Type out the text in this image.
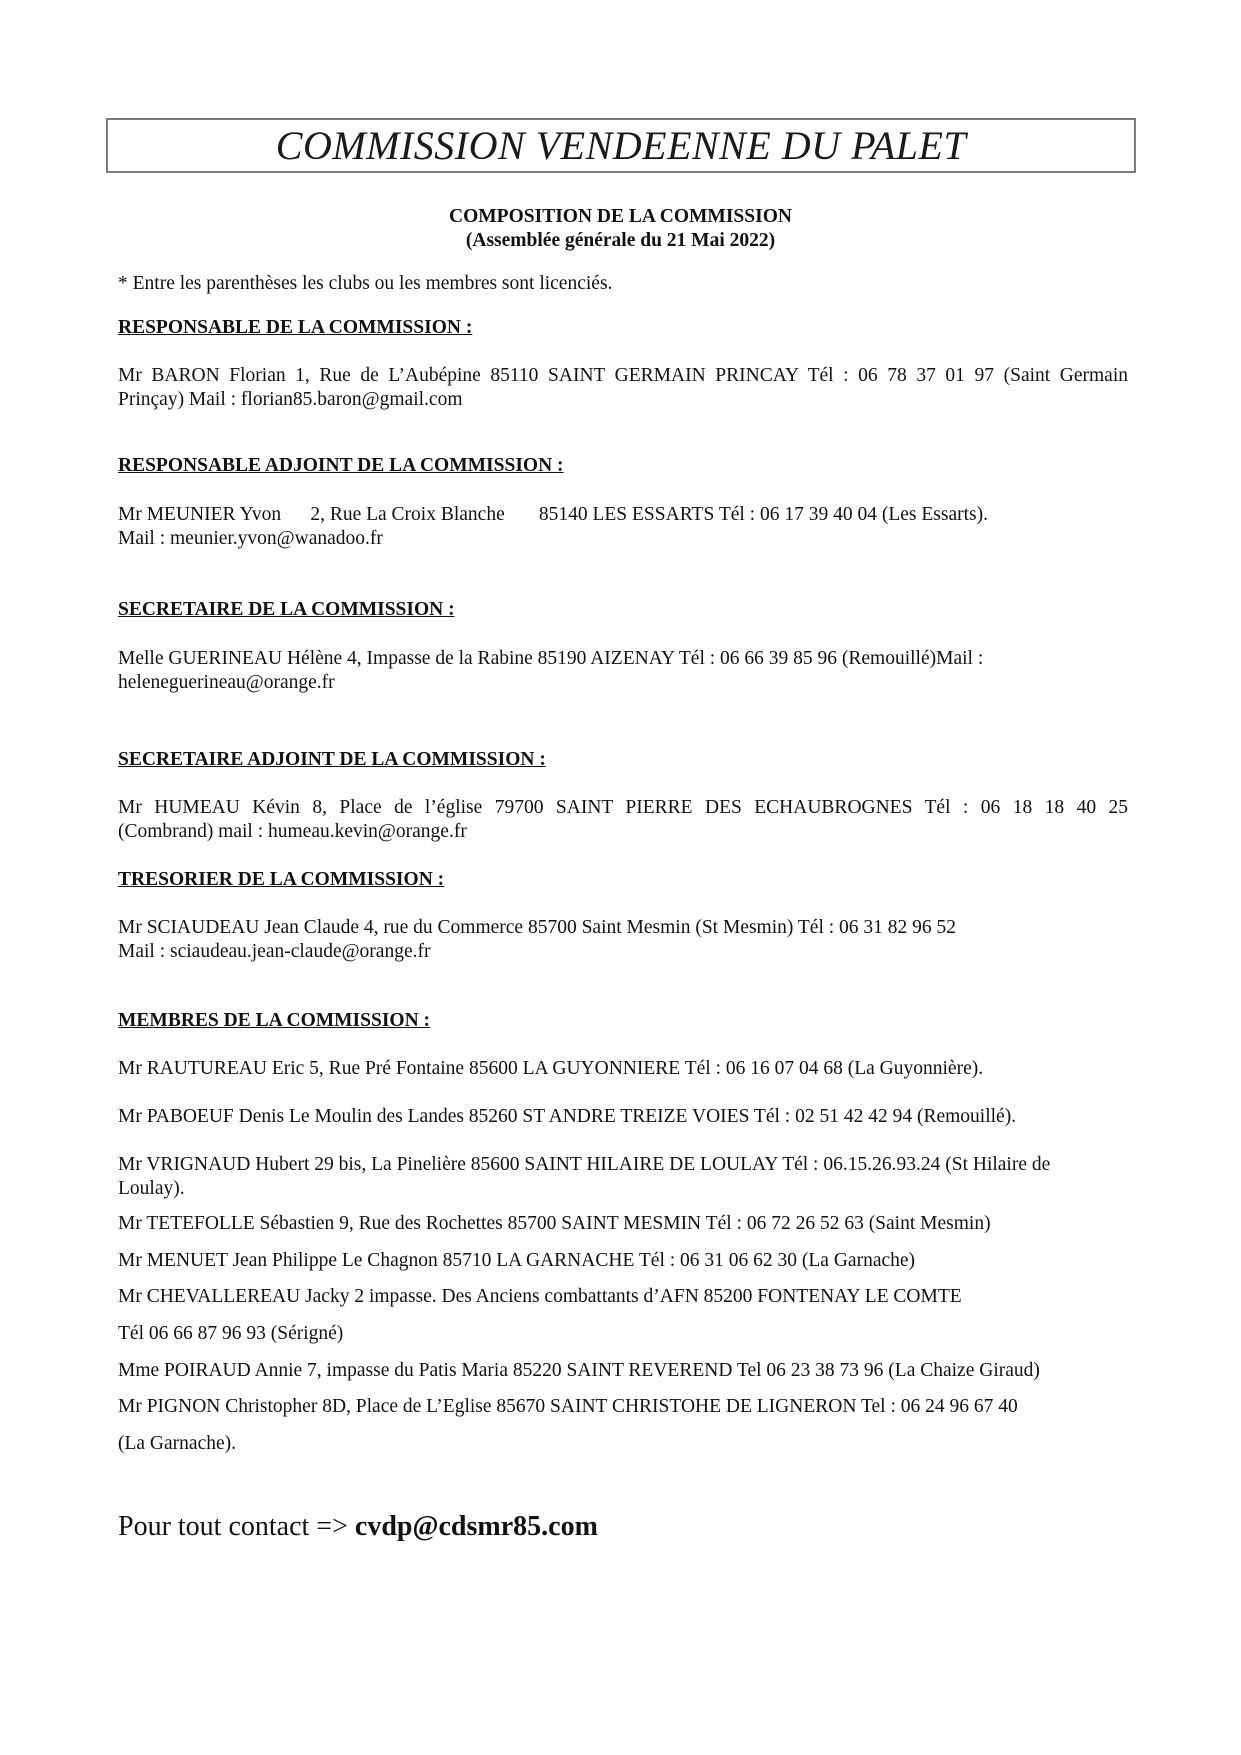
COMMISSION VENDEENNE DU PALET
COMPOSITION DE LA COMMISSION
(Assemblée générale du 21 Mai 2022)
* Entre les parenthèses les clubs ou les membres sont licenciés.
RESPONSABLE DE LA COMMISSION :
Mr BARON Florian 1, Rue de L’Aubépine 85110 SAINT GERMAIN PRINCAY Tél : 06 78 37 01 97 (Saint Germain
Prinçay) Mail : florian85.baron@gmail.com
RESPONSABLE ADJOINT DE LA COMMISSION :
Mr MEUNIER Yvon      2, Rue La Croix Blanche       85140 LES ESSARTS Tél : 06 17 39 40 04 (Les Essarts).
Mail : meunier.yvon@wanadoo.fr
SECRETAIRE DE LA COMMISSION :
Melle GUERINEAU Hélène 4, Impasse de la Rabine 85190 AIZENAY Tél : 06 66 39 85 96 (Remouillé)Mail :
heleneguerineau@orange.fr
SECRETAIRE ADJOINT DE LA COMMISSION :
Mr HUMEAU Kévin 8, Place de l’église 79700 SAINT PIERRE DES ECHAUBROGNES Tél : 06 18 18 40 25
(Combrand) mail : humeau.kevin@orange.fr
TRESORIER DE LA COMMISSION :
Mr SCIAUDEAU Jean Claude 4, rue du Commerce 85700 Saint Mesmin (St Mesmin) Tél : 06 31 82 96 52
Mail : sciaudeau.jean-claude@orange.fr
MEMBRES DE LA COMMISSION :
Mr RAUTUREAU Eric 5, Rue Pré Fontaine 85600 LA GUYONNIERE Tél : 06 16 07 04 68 (La Guyonnière).
Mr PABOEUF Denis Le Moulin des Landes 85260 ST ANDRE TREIZE VOIES Tél : 02 51 42 42 94 (Remouillé).
Mr VRIGNAUD Hubert 29 bis, La Pinelière 85600 SAINT HILAIRE DE LOULAY Tél : 06.15.26.93.24 (St Hilaire de
Loulay).
Mr TETEFOLLE Sébastien 9, Rue des Rochettes 85700 SAINT MESMIN Tél : 06 72 26 52 63 (Saint Mesmin)
Mr MENUET Jean Philippe Le Chagnon 85710 LA GARNACHE Tél : 06 31 06 62 30 (La Garnache)
Mr CHEVALLEREAU Jacky 2 impasse. Des Anciens combattants d’AFN 85200 FONTENAY LE COMTE
Tél 06 66 87 96 93 (Sérigné)
Mme POIRAUD Annie 7, impasse du Patis Maria 85220 SAINT REVEREND Tel 06 23 38 73 96 (La Chaize Giraud)
Mr PIGNON Christopher 8D, Place de L’Eglise 85670 SAINT CHRISTOHE DE LIGNERON Tel : 06 24 96 67 40
(La Garnache).
Pour tout contact => cvdp@cdsmr85.com
